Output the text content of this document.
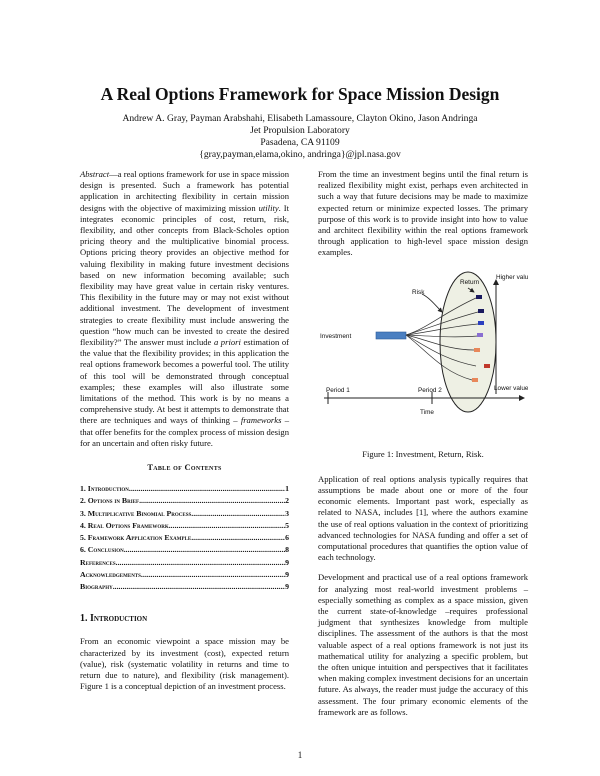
A Real Options Framework for Space Mission Design
Andrew A. Gray, Payman Arabshahi, Elisabeth Lamassoure, Clayton Okino, Jason Andringa
Jet Propulsion Laboratory
Pasadena, CA 91109
{gray,payman,elama,okino, andringa}@jpl.nasa.gov

Abstract—a real options framework for use in space mission design is presented. Such a framework has potential application in architecting flexibility in certain mission designs with the objective of maximizing mission utility. It integrates economic principles of cost, return, risk, flexibility, and other concepts from Black-Scholes option pricing theory and the multiplicative binomial process. Options pricing theory provides an objective method for valuing flexibility in making future investment decisions based on new information becoming available; such flexibility may have great value in certain risky ventures. This flexibility in the future may or may not exist without additional investment. The development of investment strategies to create flexibility must include answering the question “how much can be invested to create the desired flexibility?” The answer must include a priori estimation of the value that the flexibility provides; in this application the real options framework becomes a powerful tool. The utility of this tool will be demonstrated through conceptual examples; these examples will also illustrate some limitations of the method. This work is by no means a comprehensive study. At best it attempts to demonstrate that there are techniques and ways of thinking – frameworks – that offer benefits for the complex process of mission design for an uncertain and often risky future.

Table of Contents
1. Introduction .....	1
2. Options in Brief .....	2
3. Multiplicative Binomial Process .....	3
4. Real Options Framework .....	5
5. Framework Application Example .....	6
6. Conclusion .....	8
References .....	9
Acknowledgements .....	9
Biography .....	9
1. Introduction

From an economic viewpoint a space mission may be characterized by its investment (cost), expected return (value), risk (systematic volatility in returns and time to return due to nature), and flexibility (risk management). Figure 1 is a conceptual depiction of an investment process.

From the time an investment begins until the final return is realized flexibility might exist, perhaps even architected in such a way that future decisions may be made to maximize expected return or minimize expected losses. The primary purpose of this work is to provide insight into how to value and architect flexibility within the real options framework through application to high-level space mission design examples.

Higher valu
Return
Risk
Investment
Period 1	Period 2	Lower value
Time
Figure 1: Investment, Return, Risk.

Application of real options analysis typically requires that assumptions be made about one or more of the four economic elements. Important past work, especially as related to NASA, includes [1], where the authors examine the use of real options valuation in the context of prioritizing advanced technologies for NASA funding and offer a set of computational procedures that quantifies the option value of each technology.

Development and practical use of a real options framework for analyzing most real-world investment problems – especially something as complex as a space mission, given the current state-of-knowledge –requires professional judgment that synthesizes knowledge from multiple disciplines. The assessment of the authors is that the most valuable aspect of a real options framework is not just its mathematical utility for analyzing a specific problem, but the often unique intuition and perspectives that it facilitates when making complex investment decisions for an uncertain future. As always, the reader must judge the accuracy of this assessment. The four primary economic elements of the framework are as follows.

1
